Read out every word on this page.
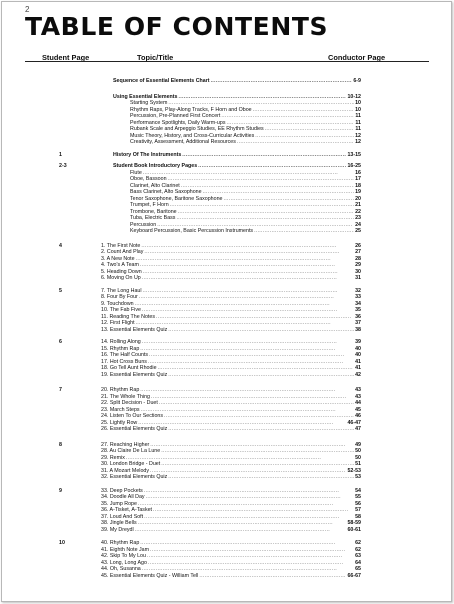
2
TABLE OF CONTENTS
Student Page	Topic/Title	Conductor Page
Sequence of Essential Elements Chart . . .	6-9
Using Essential Elements . . .	10-12
Starting System . . .	10
Rhythm Raps, Play-Along Tracks, F Horn and Oboe . . .	10
Percussion, Pre-Planned First Concert . . .	11
Performance Spotlights, Daily Warm-ups . . .	11
Rubank Scale and Arpeggio Studies, EE Rhythm Studies . . .	11
Music Theory, History, and Cross-Curricular Activities . . .	12
Creativity, Assessment, Additional Resources . . .	12
1	History Of The Instruments . . .	13-15
2-3	Student Book Introductory Pages . . .	16-25
Flute . . .	16
Oboe, Bassoon . . .	17
Clarinet, Alto Clarinet . . .	18
Bass Clarinet, Alto Saxophone . . .	19
Tenor Saxophone, Baritone Saxophone . . .	20
Trumpet, F Horn . . .	21
Trombone, Baritone . . .	22
Tuba, Electric Bass . . .	23
Percussion . . .	24
Keyboard Percussion, Basic Percussion Instruments . . .	25
4	1. The First Note . . .	26
2. Count And Play . . .	27
3. A New Note . . .	28
4. Two's A Team . . .	29
5. Heading Down . . .	30
6. Moving On Up . . .	31
5	7. The Long Haul . . .	32
8. Four By Four . . .	33
9. Touchdown . . .	34
10. The Fab Five . . .	35
11. Reading The Notes . . .	36
12. First Flight . . .	37
13. Essential Elements Quiz . . .	38
6	14. Rolling Along . . .	39
15. Rhythm Rap . . .	40
16. The Half Counts . . .	40
17. Hot Cross Buns . . .	41
18. Go Tell Aunt Rhodie . . .	41
19. Essential Elements Quiz . . .	42
7	20. Rhythm Rap . . .	43
21. The Whole Thing . . .	43
22. Split Decision - Duet . . .	44
23. March Steps . . .	45
24. Listen To Our Sections . . .	46
25. Lightly Row . . .	46-47
26. Essential Elements Quiz . . .	47
8	27. Reaching Higher . . .	49
28. Au Claire De La Lune . . .	50
29. Remix . . .	50
30. London Bridge - Duet . . .	51
31. A Mozart Melody . . .	52-53
32. Essential Elements Quiz . . .	53
9	33. Deep Pockets . . .	54
34. Doodle All Day . . .	55
35. Jump Rope . . .	56
36. A-Tisket, A-Tasket . . .	57
37. Loud And Soft . . .	58
38. Jingle Bells . . .	58-59
39. My Dreydl . . .	60-61
10	40. Rhythm Rap . . .	62
41. Eighth Note Jam . . .	62
42. Skip To My Lou . . .	63
43. Long, Long Ago . . .	64
44. Oh, Susanna . . .	65
45. Essential Elements Quiz - William Tell . . .	66-67
